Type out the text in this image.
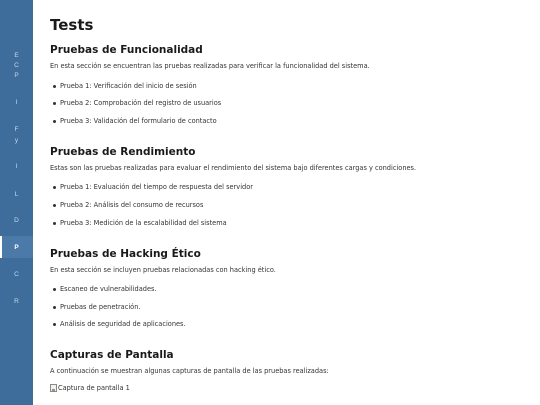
E
C
P
I
F
y
I
L
D
P
C
R
Tests
Pruebas de Funcionalidad

En esta sección se encuentran las pruebas realizadas para verificar la funcionalidad del sistema.

Prueba 1: Verificación del inicio de sesión
Prueba 2: Comprobación del registro de usuarios
Prueba 3: Validación del formulario de contacto
Pruebas de Rendimiento

Estas son las pruebas realizadas para evaluar el rendimiento del sistema bajo diferentes cargas y condiciones.

Prueba 1: Evaluación del tiempo de respuesta del servidor
Prueba 2: Análisis del consumo de recursos
Prueba 3: Medición de la escalabilidad del sistema
Pruebas de Hacking Ético

En esta sección se incluyen pruebas relacionadas con hacking ético.

Escaneo de vulnerabilidades.
Pruebas de penetración.
Análisis de seguridad de aplicaciones.
Capturas de Pantalla

A continuación se muestran algunas capturas de pantalla de las pruebas realizadas:

Captura de pantalla 1
